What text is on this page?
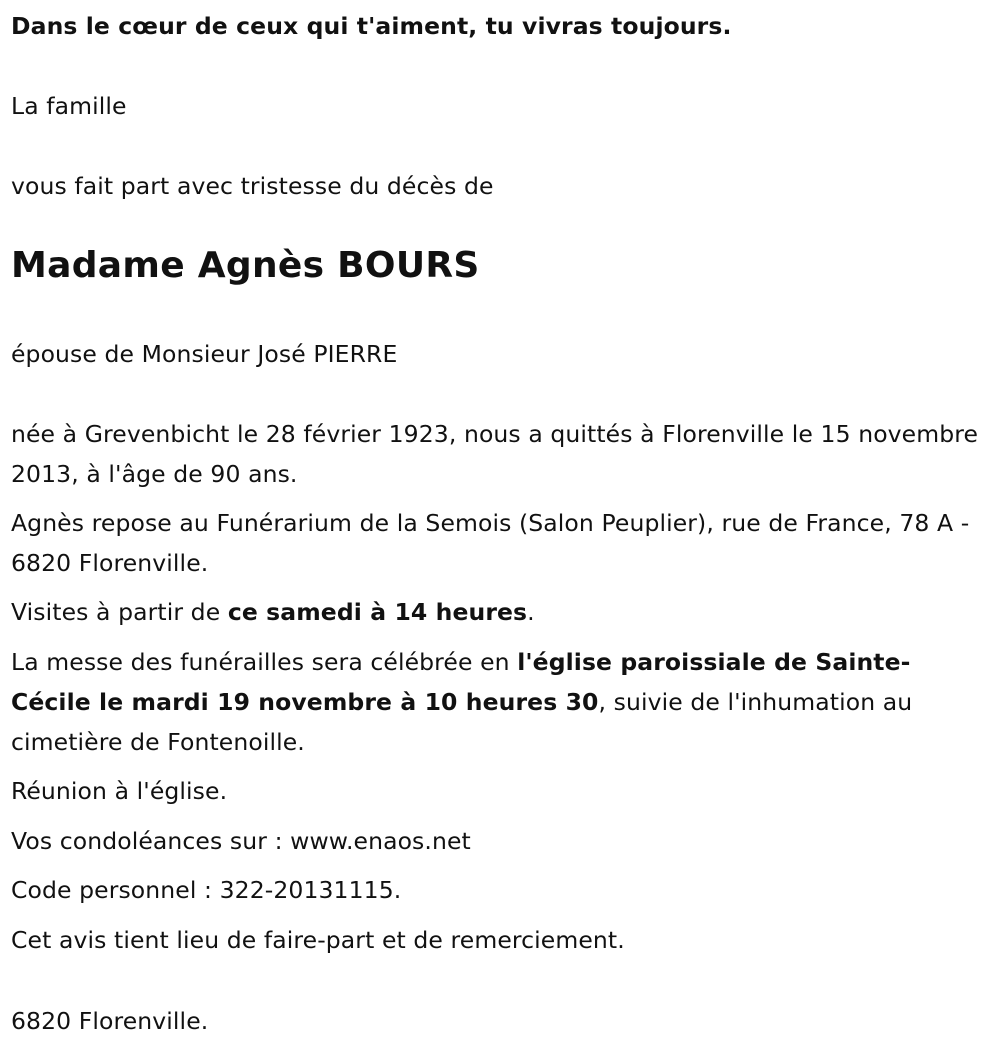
Dans le cœur de ceux qui t'aiment, tu vivras toujours.

La famille

vous fait part avec tristesse du décès de

Madame Agnès BOURS

épouse de Monsieur José PIERRE

née à Grevenbicht le 28 février 1923, nous a quittés à Florenville le 15 novembre 2013, à l'âge de 90 ans.

Agnès repose au Funérarium de la Semois (Salon Peuplier), rue de France, 78 A - 6820 Florenville.

Visites à partir de ce samedi à 14 heures.

La messe des funérailles sera célébrée en l'église paroissiale de Sainte-Cécile le mardi 19 novembre à 10 heures 30, suivie de l'inhumation au cimetière de Fontenoille.

Réunion à l'église.

Vos condoléances sur : www.enaos.net

Code personnel : 322-20131115.

Cet avis tient lieu de faire-part et de remerciement.

6820 Florenville.
